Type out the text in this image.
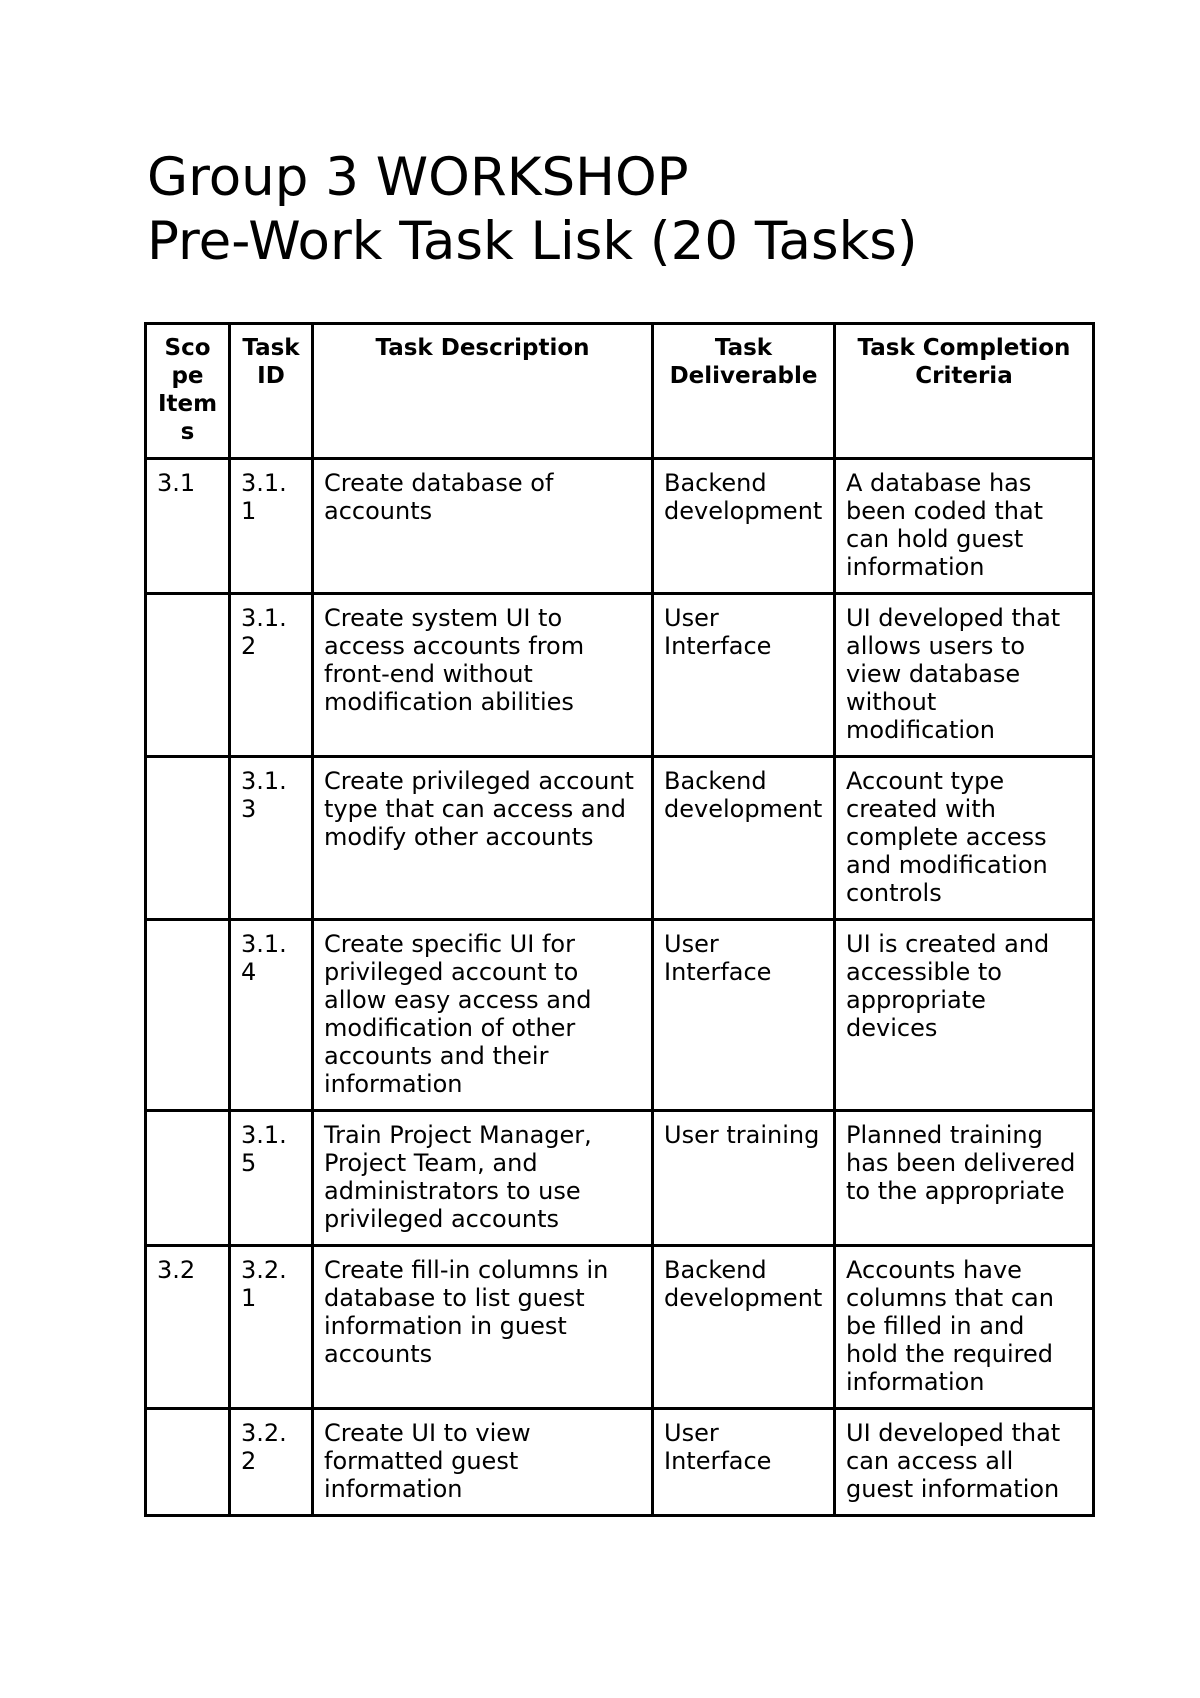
Group 3 WORKSHOP
Pre-Work Task Lisk (20 Tasks)
Scope Items	Task ID	Task Description	Task Deliverable	Task Completion Criteria
3.1	3.1.1	Create database of accounts	Backend development	A database has been coded that can hold guest information
	3.1.2	Create system UI to access accounts from front-end without modification abilities	User Interface	UI developed that allows users to view database without modification
	3.1.3	Create privileged account type that can access and modify other accounts	Backend development	Account type created with complete access and modification controls
	3.1.4	Create specific UI for privileged account to allow easy access and modification of other accounts and their information	User Interface	UI is created and accessible to appropriate devices
	3.1.5	Train Project Manager, Project Team, and administrators to use privileged accounts	User training	Planned training has been delivered to the appropriate
3.2	3.2.1	Create fill-in columns in database to list guest information in guest accounts	Backend development	Accounts have columns that can be filled in and hold the required information
	3.2.2	Create UI to view formatted guest information	User Interface	UI developed that can access all guest information
